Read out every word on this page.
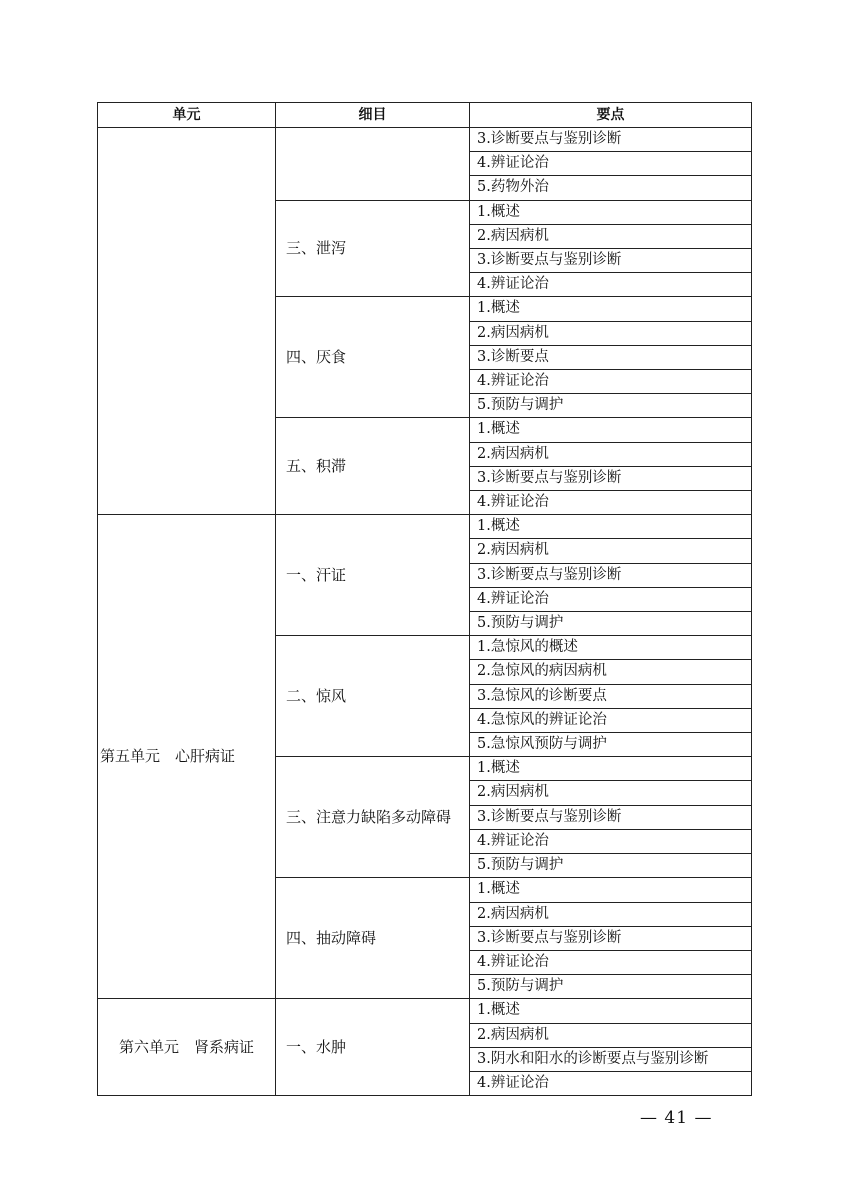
单元	细目	要点
		3.诊断要点与鉴别诊断
		4.辨证论治
		5.药物外治
	三、泄泻	1.概述
		2.病因病机
		3.诊断要点与鉴别诊断
		4.辨证论治
	四、厌食	1.概述
		2.病因病机
		3.诊断要点
		4.辨证论治
		5.预防与调护
	五、积滞	1.概述
		2.病因病机
		3.诊断要点与鉴别诊断
		4.辨证论治
第五单元　心肝病证	一、汗证	1.概述
		2.病因病机
		3.诊断要点与鉴别诊断
		4.辨证论治
		5.预防与调护
	二、惊风	1.急惊风的概述
		2.急惊风的病因病机
		3.急惊风的诊断要点
		4.急惊风的辨证论治
		5.急惊风预防与调护
	三、注意力缺陷多动障碍	1.概述
		2.病因病机
		3.诊断要点与鉴别诊断
		4.辨证论治
		5.预防与调护
	四、抽动障碍	1.概述
		2.病因病机
		3.诊断要点与鉴别诊断
		4.辨证论治
		5.预防与调护
第六单元　肾系病证	一、水肿	1.概述
		2.病因病机
		3.阴水和阳水的诊断要点与鉴别诊断
		4.辨证论治
— 41 —
